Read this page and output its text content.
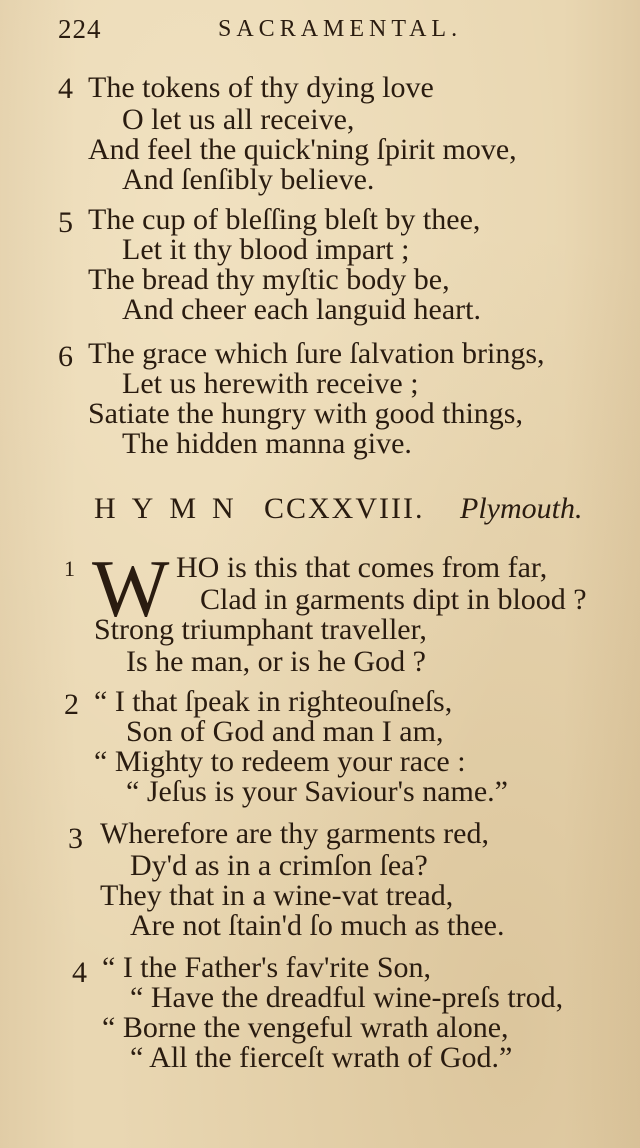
224	SACRAMENTAL.
4 The tokens of thy dying love
O let us all receive,
And feel the quick'ning ſpirit move,
And ſenſibly believe.
5 The cup of bleſſing bleſt by thee,
Let it thy blood impart ;
The bread thy myſtic body be,
And cheer each languid heart.
6 The grace which ſure ſalvation brings,
Let us herewith receive ;
Satiate the hungry with good things,
The hidden manna give.
HYMN CCXXVIII. Plymouth.
1 W HO is this that comes from far,
Clad in garments dipt in blood ?
Strong triumphant traveller,
Is he man, or is he God ?
2 “ I that ſpeak in righteouſneſs,
Son of God and man I am,
“ Mighty to redeem your race :
“ Jeſus is your Saviour's name.”
3 Wherefore are thy garments red,
Dy'd as in a crimſon ſea?
They that in a wine-vat tread,
Are not ſtain'd ſo much as thee.
4 “ I the Father's fav'rite Son,
“ Have the dreadful wine-preſs trod,
“ Borne the vengeful wrath alone,
“ All the fierceſt wrath of God.”
